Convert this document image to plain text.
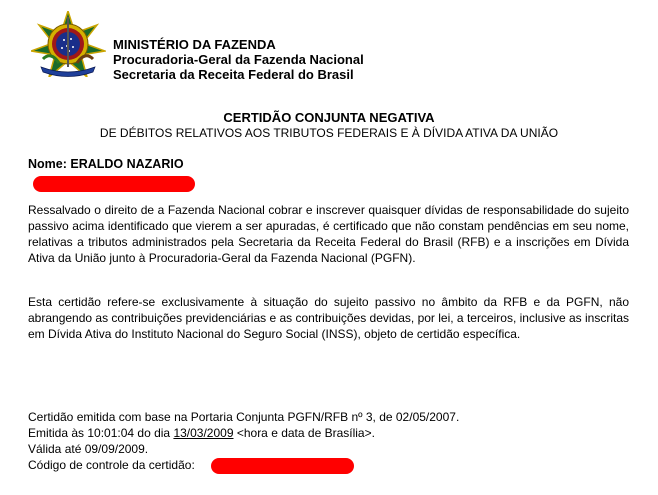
MINISTÉRIO DA FAZENDA
Procuradoria-Geral da Fazenda Nacional
Secretaria da Receita Federal do Brasil
CERTIDÃO CONJUNTA NEGATIVA
DE DÉBITOS RELATIVOS AOS TRIBUTOS FEDERAIS E À DÍVIDA ATIVA DA UNIÃO
Nome: ERALDO NAZARIO
Ressalvado o direito de a Fazenda Nacional cobrar e inscrever quaisquer dívidas de responsabilidade do sujeito passivo acima identificado que vierem a ser apuradas, é certificado que não constam pendências em seu nome, relativas a tributos administrados pela Secretaria da Receita Federal do Brasil (RFB) e a inscrições em Dívida Ativa da União junto à Procuradoria-Geral da Fazenda Nacional (PGFN).
Esta certidão refere-se exclusivamente à situação do sujeito passivo no âmbito da RFB e da PGFN, não abrangendo as contribuições previdenciárias e as contribuições devidas, por lei, a terceiros, inclusive as inscritas em Dívida Ativa do Instituto Nacional do Seguro Social (INSS), objeto de certidão específica.
Certidão emitida com base na Portaria Conjunta PGFN/RFB nº 3, de 02/05/2007.
Emitida às 10:01:04 do dia 13/03/2009 <hora e data de Brasília>.
Válida até 09/09/2009.
Código de controle da certidão:
